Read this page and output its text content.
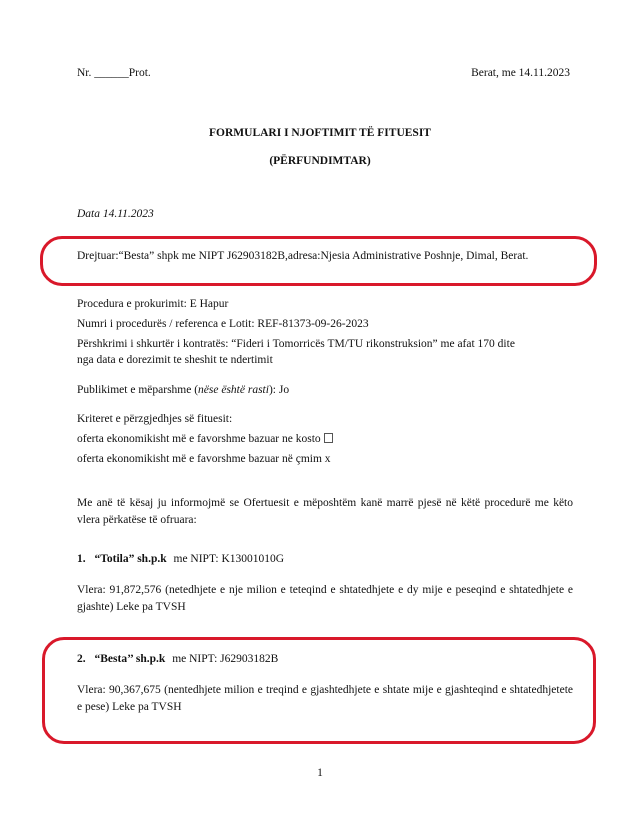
Nr. ______Prot.	Berat, me 14.11.2023
FORMULARI I NJOFTIMIT TË FITUESIT
(PËRFUNDIMTAR)
Data 14.11.2023
Drejtuar:“Besta” shpk me NIPT J62903182B,adresa:Njesia Administrative Poshnje, Dimal, Berat.
Procedura e prokurimit: E Hapur
Numri i procedurës / referenca e Lotit: REF-81373-09-26-2023
Përshkrimi i shkurtër i kontratës: “Fideri i Tomorricës TM/TU rikonstruksion” me afat 170 dite
nga data e dorezimit te sheshit te ndertimit
Publikimet e mëparshme (nëse është rasti): Jo
Kriteret e përzgjedhjes së fituesit:
oferta ekonomikisht më e favorshme bazuar ne kosto
oferta ekonomikisht më e favorshme bazuar në çmim x
Me anë të kësaj ju informojmë se Ofertuesit e mëposhtëm kanë marrë pjesë në këtë procedurë me këto vlera përkatëse të ofruara:
1. “Totila” sh.p.k me NIPT: K13001010G
Vlera: 91,872,576 (netedhjete e nje milion e teteqind e shtatedhjete e dy mije e peseqind e shtatedhjete e gjashte) Leke pa TVSH
2. “Besta’’ sh.p.k me NIPT: J62903182B
Vlera: 90,367,675 (nentedhjete milion e treqind e gjashtedhjete e shtate mije e gjashteqind e shtatedhjetete e pese) Leke pa TVSH
1
